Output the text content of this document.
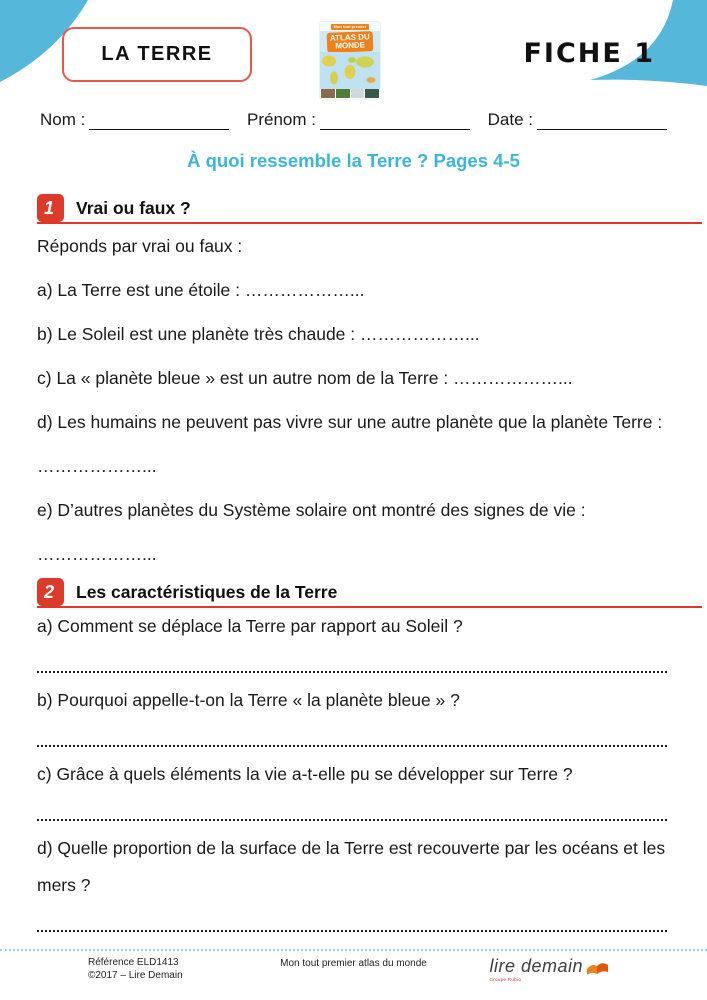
LA TERRE
Mon tout premier
ATLAS DU MONDE	FICHE 1
Nom :	Prénom :	Date :
À quoi ressemble la Terre ? Pages 4-5
1	Vrai ou faux ?

Réponds par vrai ou faux :

a) La Terre est une étoile : ………………...

b) Le Soleil est une planète très chaude : ………………...

c) La « planète bleue » est un autre nom de la Terre : ………………...

d) Les humains ne peuvent pas vivre sur une autre planète que la planète Terre : ………………...

e) D’autres planètes du Système solaire ont montré des signes de vie : ………………...

2	Les caractéristiques de la Terre

a) Comment se déplace la Terre par rapport au Soleil ?

b) Pourquoi appelle-t-on la Terre « la planète bleue » ?

c) Grâce à quels éléments la vie a-t-elle pu se développer sur Terre ?

d) Quelle proportion de la surface de la Terre est recouverte par les océans et les mers ?

Référence ELD1413
©2017 – Lire Demain
Mon tout premier atlas du monde	lire demain
Groupe Rubio
